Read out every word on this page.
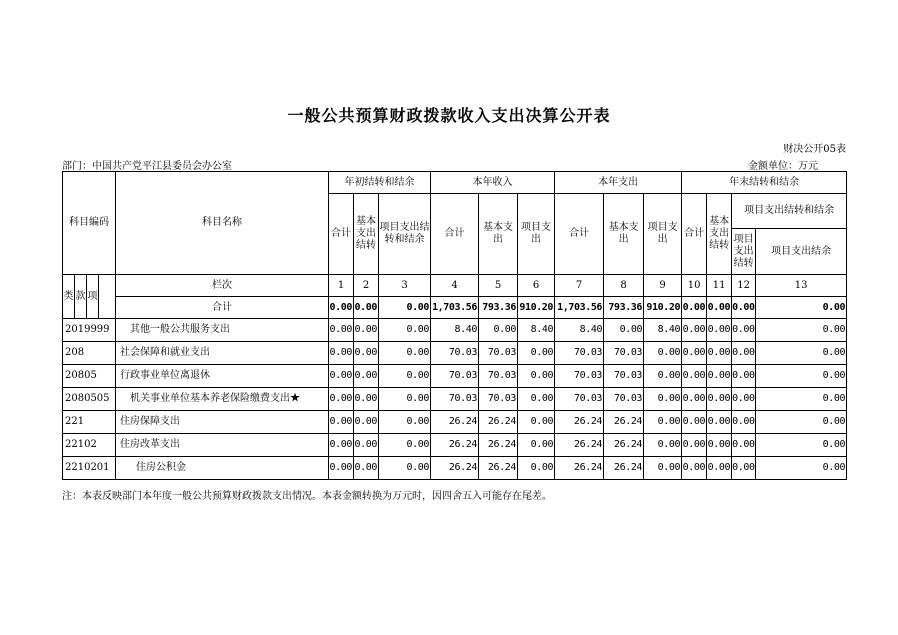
一般公共预算财政拨款收入支出决算公开表
财决公开05表
部门：中国共产党平江县委员会办公室	金额单位：万元
科目编码				科目名称	年初结转和结余			本年收入			本年支出			年末结转和结余			
					合计	基本支出结转	项目支出结转和结余	合计	基本支出	项目支出	合计	基本支出	项目支出	合计	基本支出结转	项目支出结转和结余	
																项目支出结转	项目支出结余
类	款	项		栏次	1	2	3	4	5	6	7	8	9	10	11	12	13
				合计	0.00	0.00	0.00	1,703.56	793.36	910.20	1,703.56	793.36	910.20	0.00	0.00	0.00	0.00
2019999				其他一般公共服务支出	0.00	0.00	0.00	8.40	0.00	8.40	8.40	0.00	8.40	0.00	0.00	0.00	0.00
208				社会保障和就业支出	0.00	0.00	0.00	70.03	70.03	0.00	70.03	70.03	0.00	0.00	0.00	0.00	0.00
20805				行政事业单位离退休	0.00	0.00	0.00	70.03	70.03	0.00	70.03	70.03	0.00	0.00	0.00	0.00	0.00
2080505				机关事业单位基本养老保险缴费支出★	0.00	0.00	0.00	70.03	70.03	0.00	70.03	70.03	0.00	0.00	0.00	0.00	0.00
221				住房保障支出	0.00	0.00	0.00	26.24	26.24	0.00	26.24	26.24	0.00	0.00	0.00	0.00	0.00
22102				住房改革支出	0.00	0.00	0.00	26.24	26.24	0.00	26.24	26.24	0.00	0.00	0.00	0.00	0.00
2210201				住房公积金	0.00	0.00	0.00	26.24	26.24	0.00	26.24	26.24	0.00	0.00	0.00	0.00	0.00
注：本表反映部门本年度一般公共预算财政拨款支出情况。本表金额转换为万元时，因四舍五入可能存在尾差。
